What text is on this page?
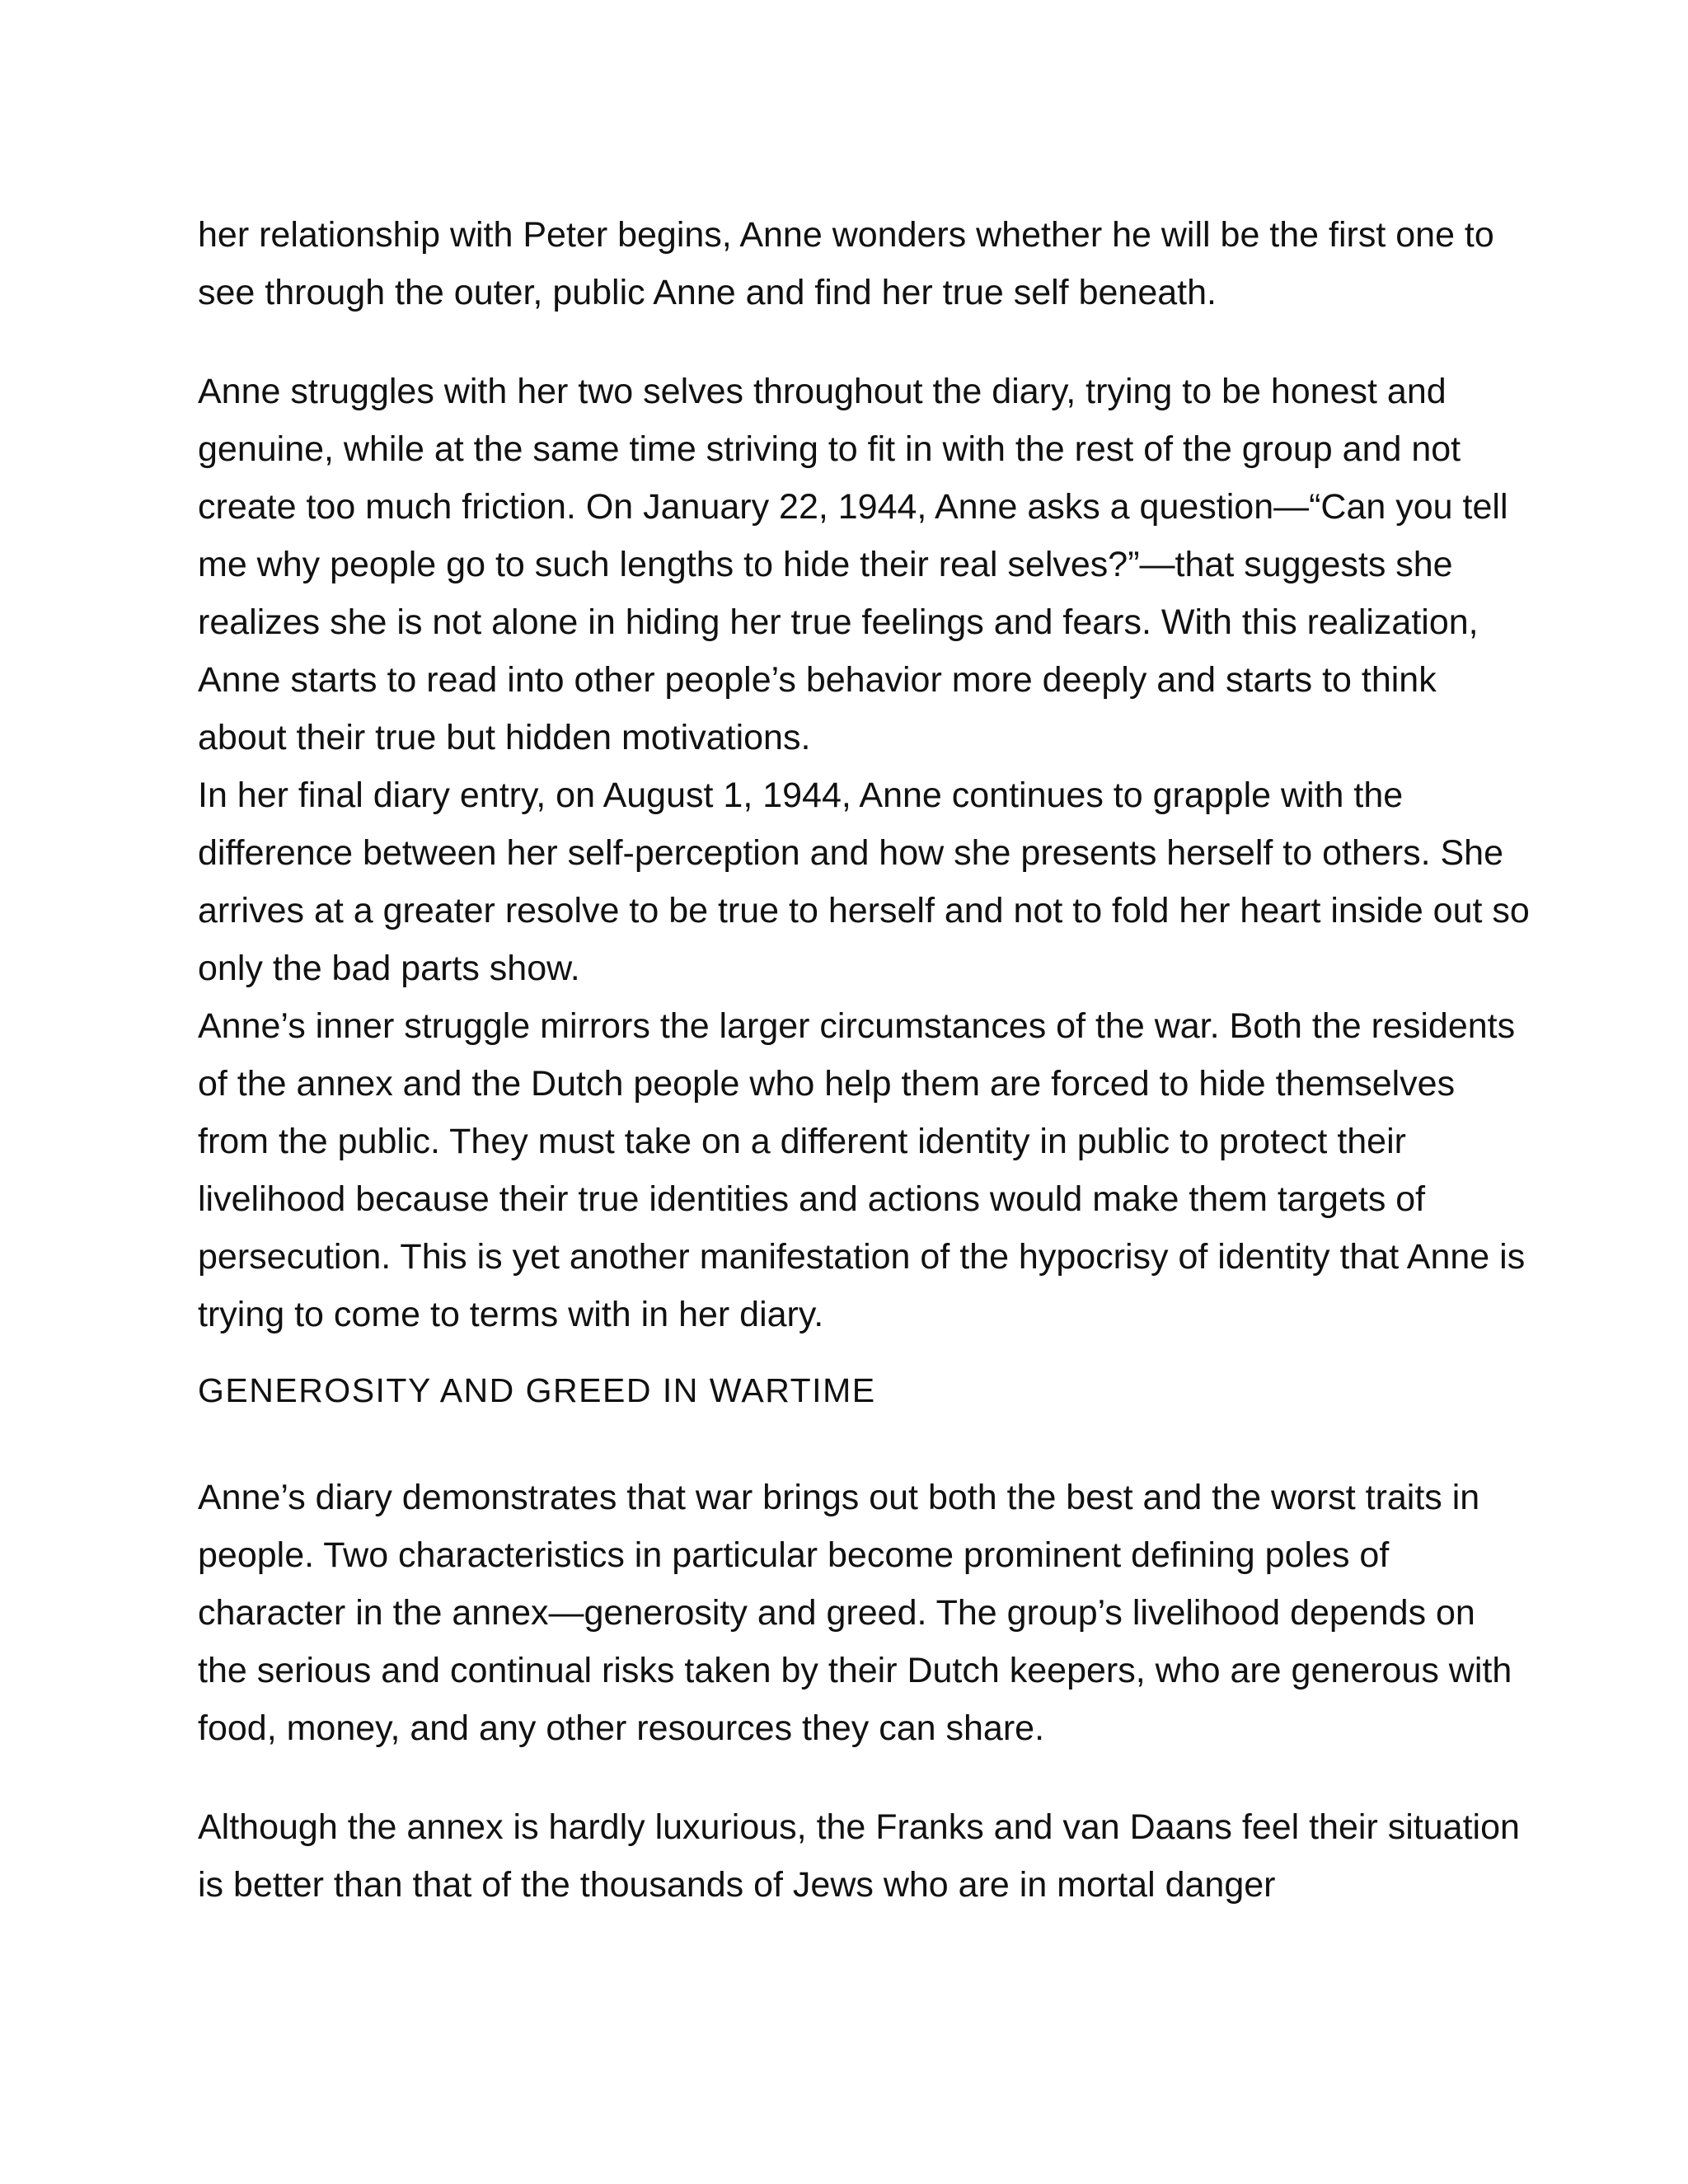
her relationship with Peter begins, Anne wonders whether he will be the first one to see through the outer, public Anne and find her true self beneath.

Anne struggles with her two selves throughout the diary, trying to be honest and genuine, while at the same time striving to fit in with the rest of the group and not create too much friction. On January 22, 1944, Anne asks a question—“Can you tell me why people go to such lengths to hide their real selves?”—that suggests she realizes she is not alone in hiding her true feelings and fears. With this realization, Anne starts to read into other people’s behavior more deeply and starts to think about their true but hidden motivations.

In her final diary entry, on August 1, 1944, Anne continues to grapple with the difference between her self-perception and how she presents herself to others. She arrives at a greater resolve to be true to herself and not to fold her heart inside out so only the bad parts show.

Anne’s inner struggle mirrors the larger circumstances of the war. Both the residents of the annex and the Dutch people who help them are forced to hide themselves from the public. They must take on a different identity in public to protect their livelihood because their true identities and actions would make them targets of persecution. This is yet another manifestation of the hypocrisy of identity that Anne is trying to come to terms with in her diary.

GENEROSITY AND GREED IN WARTIME

Anne’s diary demonstrates that war brings out both the best and the worst traits in people. Two characteristics in particular become prominent defining poles of character in the annex—generosity and greed. The group’s livelihood depends on the serious and continual risks taken by their Dutch keepers, who are generous with food, money, and any other resources they can share.

Although the annex is hardly luxurious, the Franks and van Daans feel their situation is better than that of the thousands of Jews who are in mortal danger
